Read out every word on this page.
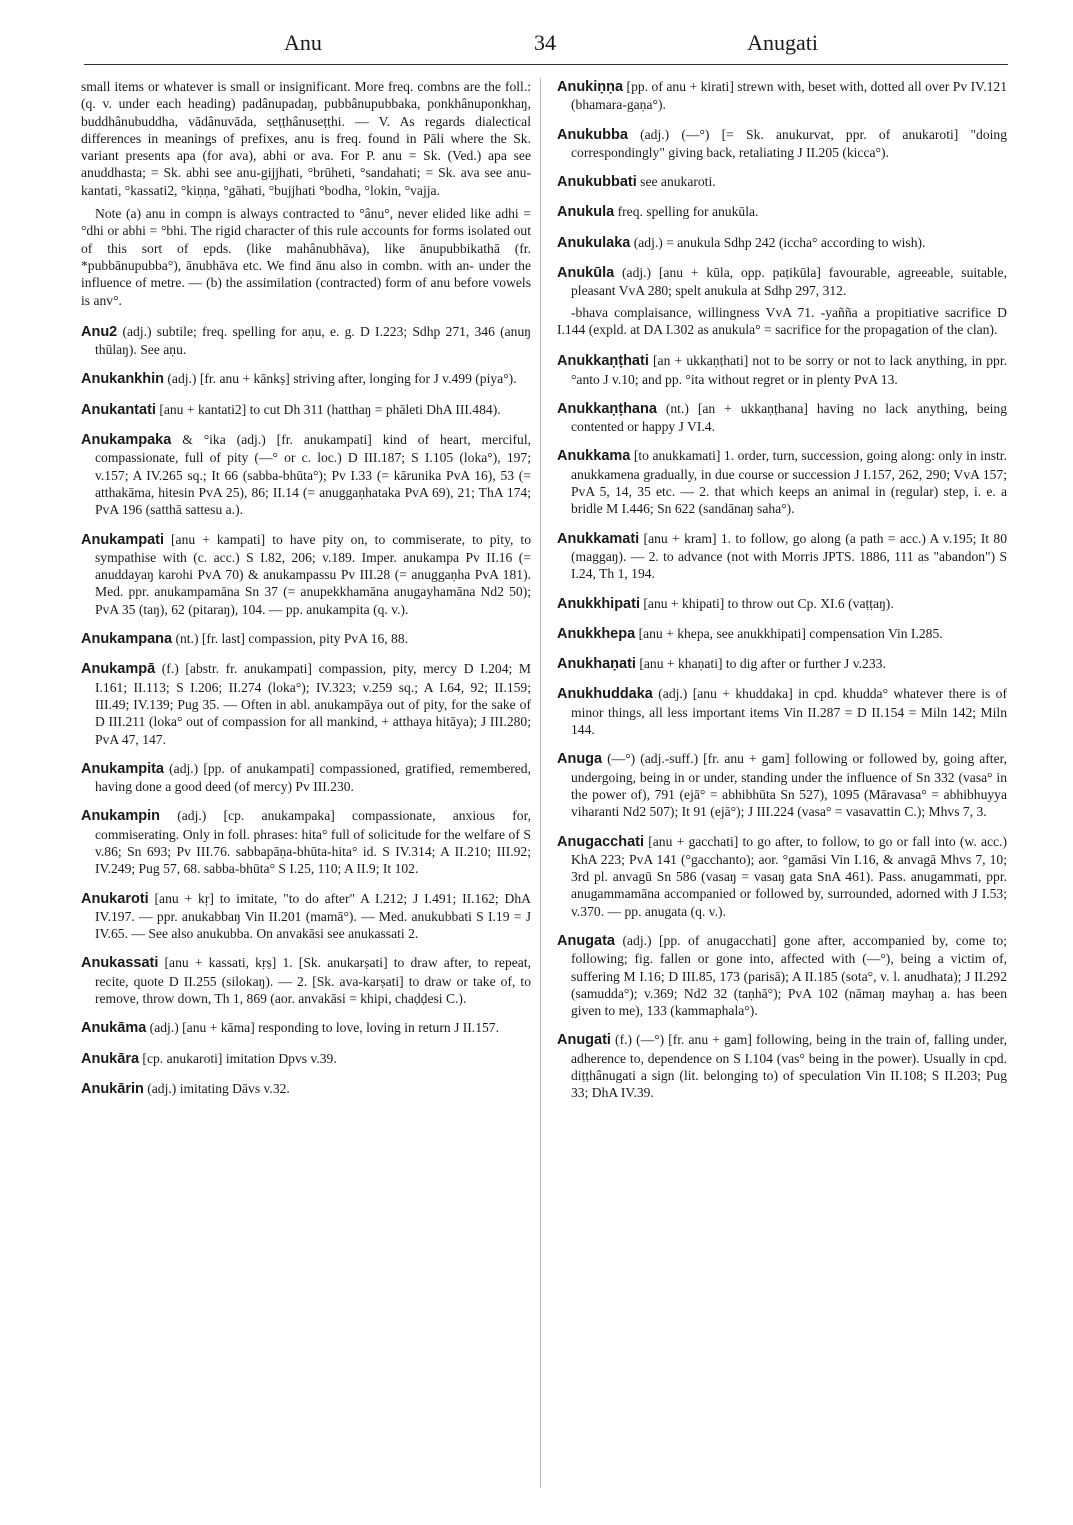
Anu	34	Anugati

small items or whatever is small or insignificant. More freq. combns are the foll.: (q. v. under each heading) padânupadaŋ, pubbânupubbaka, ponkhânuponkhaŋ, buddhânubuddha, vādânuvāda, seṭṭhânuseṭṭhi. — V. As regards dialectical differences in meanings of prefixes, anu is freq. found in Pāli where the Sk. variant presents apa (for ava), abhi or ava. For P. anu = Sk. (Ved.) apa see anuddhasta; = Sk. abhi see anu-gijjhati, °brūheti, °sandahati; = Sk. ava see anu-kantati, °kassati2, °kiṇṇa, °gāhati, °bujjhati °bodha, °lokin, °vajja.

Note (a) anu in compn is always contracted to °ânu°, never elided like adhi = °dhi or abhi = °bhi. The rigid character of this rule accounts for forms isolated out of this sort of epds. (like mahânubhāva), like ānupubbikathā (fr. *pubbānupubba°), ānubhāva etc. We find ānu also in combn. with an- under the influence of metre. — (b) the assimilation (contracted) form of anu before vowels is anv°.

Anu2 (adj.) subtile; freq. spelling for aṇu, e. g. D I.223; Sdhp 271, 346 (anuŋ thūlaŋ). See aṇu.

Anukankhin (adj.) [fr. anu + kānkṣ] striving after, longing for J v.499 (piya°).

Anukantati [anu + kantati2] to cut Dh 311 (hatthaŋ = phāleti DhA III.484).

Anukampaka & °ika (adj.) [fr. anukampati] kind of heart, merciful, compassionate, full of pity (—° or c. loc.) D III.187; S I.105 (loka°), 197; v.157; A IV.265 sq.; It 66 (sabba-bhūta°); Pv I.33 (= kārunika PvA 16), 53 (= atthakāma, hitesin PvA 25), 86; II.14 (= anuggaṇhataka PvA 69), 21; ThA 174; PvA 196 (satthā sattesu a.).

Anukampati [anu + kampati] to have pity on, to commiserate, to pity, to sympathise with (c. acc.) S I.82, 206; v.189. Imper. anukampa Pv II.16 (= anuddayaŋ karohi PvA 70) & anukampassu Pv III.28 (= anuggaṇha PvA 181). Med. ppr. anukampamāna Sn 37 (= anupekkhamāna anugayhamāna Nd2 50); PvA 35 (taŋ), 62 (pitaraŋ), 104. — pp. anukampita (q. v.).

Anukampana (nt.) [fr. last] compassion, pity PvA 16, 88.

Anukampā (f.) [abstr. fr. anukampati] compassion, pity, mercy D I.204; M I.161; II.113; S I.206; II.274 (loka°); IV.323; v.259 sq.; A I.64, 92; II.159; III.49; IV.139; Pug 35. — Often in abl. anukampāya out of pity, for the sake of D III.211 (loka° out of compassion for all mankind, + atthaya hitāya); J III.280; PvA 47, 147.

Anukampita (adj.) [pp. of anukampati] compassioned, gratified, remembered, having done a good deed (of mercy) Pv III.230.

Anukampin (adj.) [cp. anukampaka] compassionate, anxious for, commiserating. Only in foll. phrases: hita° full of solicitude for the welfare of S v.86; Sn 693; Pv III.76. sabbapāṇa-bhūta-hita° id. S IV.314; A II.210; III.92; IV.249; Pug 57, 68. sabba-bhūta° S I.25, 110; A II.9; It 102.

Anukaroti [anu + kṛ] to imitate, "to do after" A I.212; J I.491; II.162; DhA IV.197. — ppr. anukabbaŋ Vin II.201 (mamā°). — Med. anukubbati S I.19 = J IV.65. — See also anukubba. On anvakāsi see anukassati 2.

Anukassati [anu + kassati, kṛṣ] 1. [Sk. anukarṣati] to draw after, to repeat, recite, quote D II.255 (silokaŋ). — 2. [Sk. ava-karṣati] to draw or take of, to remove, throw down, Th 1, 869 (aor. anvakāsi = khipi, chaḍḍesi C.).

Anukāma (adj.) [anu + kāma] responding to love, loving in return J II.157.

Anukāra [cp. anukaroti] imitation Dpvs v.39.

Anukārin (adj.) imitating Dāvs v.32.

Anukiṇṇa [pp. of anu + kirati] strewn with, beset with, dotted all over Pv IV.121 (bhamara-gaṇa°).

Anukubba (adj.) (—°) [= Sk. anukurvat, ppr. of anukaroti] "doing correspondingly" giving back, retaliating J II.205 (kicca°).

Anukubbati see anukaroti.

Anukula freq. spelling for anukūla.

Anukulaka (adj.) = anukula Sdhp 242 (iccha° according to wish).

Anukūla (adj.) [anu + kūla, opp. paṭikūla] favourable, agreeable, suitable, pleasant VvA 280; spelt anukula at Sdhp 297, 312.

-bhava complaisance, willingness VvA 71. -yañña a propitiative sacrifice D I.144 (expld. at DA I.302 as anukula° = sacrifice for the propagation of the clan).

Anukkaṇṭhati [an + ukkaṇṭhati] not to be sorry or not to lack anything, in ppr. °anto J v.10; and pp. °ita without regret or in plenty PvA 13.

Anukkaṇṭhana (nt.) [an + ukkaṇṭhana] having no lack anything, being contented or happy J VI.4.

Anukkama [to anukkamati] 1. order, turn, succession, going along: only in instr. anukkamena gradually, in due course or succession J I.157, 262, 290; VvA 157; PvA 5, 14, 35 etc. — 2. that which keeps an animal in (regular) step, i. e. a bridle M I.446; Sn 622 (sandānaŋ saha°).

Anukkamati [anu + kram] 1. to follow, go along (a path = acc.) A v.195; It 80 (maggaŋ). — 2. to advance (not with Morris JPTS. 1886, 111 as "abandon") S I.24, Th 1, 194.

Anukkhipati [anu + khipati] to throw out Cp. XI.6 (vaṭṭaŋ).

Anukkhepa [anu + khepa, see anukkhipati] compensation Vin I.285.

Anukhaṇati [anu + khaṇati] to dig after or further J v.233.

Anukhuddaka (adj.) [anu + khuddaka] in cpd. khudda° whatever there is of minor things, all less important items Vin II.287 = D II.154 = Miln 142; Miln 144.

Anuga (—°) (adj.-suff.) [fr. anu + gam] following or followed by, going after, undergoing, being in or under, standing under the influence of Sn 332 (vasa° in the power of), 791 (ejā° = abhibhūta Sn 527), 1095 (Māravasa° = abhibhuyya viharanti Nd2 507); It 91 (ejā°); J III.224 (vasa° = vasavattin C.); Mhvs 7, 3.

Anugacchati [anu + gacchati] to go after, to follow, to go or fall into (w. acc.) KhA 223; PvA 141 (°gacchanto); aor. °gamāsi Vin I.16, & anvagā Mhvs 7, 10; 3rd pl. anvagū Sn 586 (vasaŋ = vasaŋ gata SnA 461). Pass. anugammati, ppr. anugammamāna accompanied or followed by, surrounded, adorned with J I.53; v.370. — pp. anugata (q. v.).

Anugata (adj.) [pp. of anugacchati] gone after, accompanied by, come to; following; fig. fallen or gone into, affected with (—°), being a victim of, suffering M I.16; D III.85, 173 (parisā); A II.185 (sota°, v. l. anudhata); J II.292 (samudda°); v.369; Nd2 32 (taṇhā°); PvA 102 (nāmaŋ mayhaŋ a. has been given to me), 133 (kammaphala°).

Anugati (f.) (—°) [fr. anu + gam] following, being in the train of, falling under, adherence to, dependence on S I.104 (vas° being in the power). Usually in cpd. diṭṭhânugati a sign (lit. belonging to) of speculation Vin II.108; S II.203; Pug 33; DhA IV.39.
